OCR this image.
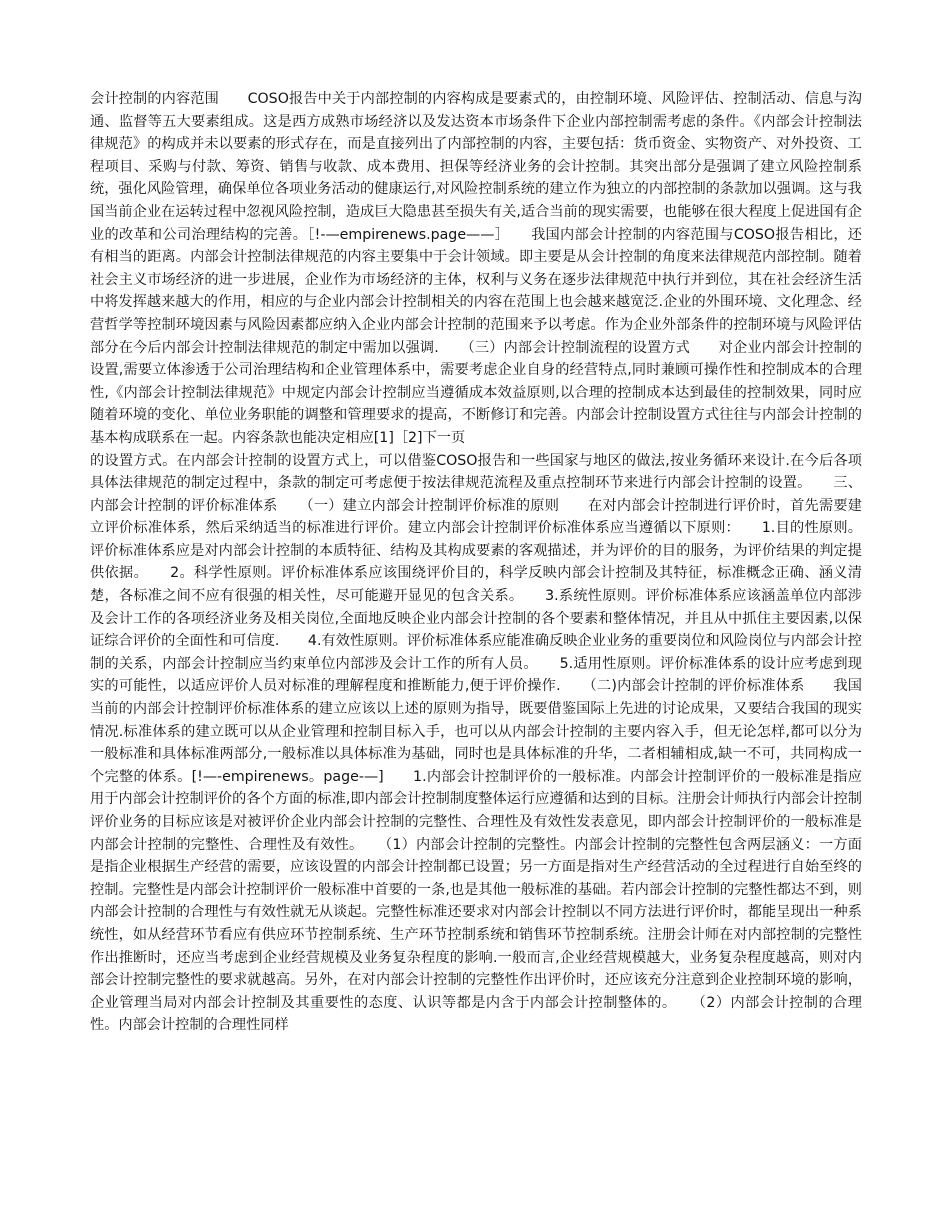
会计控制的内容范围　　COSO报告中关于内部控制的内容构成是要素式的，由控制环境、风险评估、控制活动、信息与沟通、监督等五大要素组成。这是西方成熟市场经济以及发达资本市场条件下企业内部控制需考虑的条件。《内部会计控制法律规范》的构成并未以要素的形式存在，而是直接列出了内部控制的内容，主要包括：货币资金、实物资产、对外投资、工程项目、采购与付款、筹资、销售与收款、成本费用、担保等经济业务的会计控制。其突出部分是强调了建立风险控制系统，强化风险管理，确保单位各项业务活动的健康运行,对风险控制系统的建立作为独立的内部控制的条款加以强调。这与我国当前企业在运转过程中忽视风险控制，造成巨大隐患甚至损失有关,适合当前的现实需要，也能够在很大程度上促进国有企业的改革和公司治理结构的完善。［!-—empirenews.page——］　　我国内部会计控制的内容范围与COSO报告相比，还有相当的距离。内部会计控制法律规范的内容主要集中于会计领域。即主要是从会计控制的角度来法律规范内部控制。随着社会主义市场经济的进一步进展，企业作为市场经济的主体，权利与义务在逐步法律规范中执行并到位，其在社会经济生活中将发挥越来越大的作用，相应的与企业内部会计控制相关的内容在范围上也会越来越宽泛.企业的外围环境、文化理念、经营哲学等控制环境因素与风险因素都应纳入企业内部会计控制的范围来予以考虑。作为企业外部条件的控制环境与风险评估部分在今后内部会计控制法律规范的制定中需加以强调.　　（三）内部会计控制流程的设置方式　　对企业内部会计控制的设置,需要立体渗透于公司治理结构和企业管理体系中，需要考虑企业自身的经营特点,同时兼顾可操作性和控制成本的合理性,《内部会计控制法律规范》中规定内部会计控制应当遵循成本效益原则,以合理的控制成本达到最佳的控制效果，同时应随着环境的变化、单位业务职能的调整和管理要求的提高，不断修订和完善。内部会计控制设置方式往往与内部会计控制的基本构成联系在一起。内容条款也能决定相应[1]［2]下一页

的设置方式。在内部会计控制的设置方式上，可以借鉴COSO报告和一些国家与地区的做法,按业务循环来设计.在今后各项具体法律规范的制定过程中，条款的制定可考虑便于按法律规范流程及重点控制环节来进行内部会计控制的设置。　　三、内部会计控制的评价标准体系　　（一）建立内部会计控制评价标准的原则　　在对内部会计控制进行评价时，首先需要建立评价标准体系，然后采纳适当的标准进行评价。建立内部会计控制评价标准体系应当遵循以下原则：　　1.目的性原则。评价标准体系应是对内部会计控制的本质特征、结构及其构成要素的客观描述，并为评价的目的服务，为评价结果的判定提供依据。　　2。科学性原则。评价标准体系应该围绕评价目的，科学反映内部会计控制及其特征，标准概念正确、涵义清楚，各标准之间不应有很强的相关性，尽可能避开显见的包含关系。　　3.系统性原则。评价标准体系应该涵盖单位内部涉及会计工作的各项经济业务及相关岗位,全面地反映企业内部会计控制的各个要素和整体情况，并且从中抓住主要因素,以保证综合评价的全面性和可信度.　　4.有效性原则。评价标准体系应能准确反映企业业务的重要岗位和风险岗位与内部会计控制的关系，内部会计控制应当约束单位内部涉及会计工作的所有人员。　　5.适用性原则。评价标准体系的设计应考虑到现实的可能性，以适应评价人员对标准的理解程度和推断能力,便于评价操作.　　（二)内部会计控制的评价标准体系　　我国当前的内部会计控制评价标准体系的建立应该以上述的原则为指导，既要借鉴国际上先进的讨论成果，又要结合我国的现实情况.标准体系的建立既可以从企业管理和控制目标入手，也可以从内部会计控制的主要内容入手，但无论怎样,都可以分为一般标准和具体标准两部分,一般标准以具体标准为基础，同时也是具体标准的升华，二者相辅相成,缺一不可，共同构成一个完整的体系。[!—-empirenews。page-—]　　1.内部会计控制评价的一般标准。内部会计控制评价的一般标准是指应用于内部会计控制评价的各个方面的标准,即内部会计控制制度整体运行应遵循和达到的目标。注册会计师执行内部会计控制评价业务的目标应该是对被评价企业内部会计控制的完整性、合理性及有效性发表意见，即内部会计控制评价的一般标准是内部会计控制的完整性、合理性及有效性。　　（1）内部会计控制的完整性。内部会计控制的完整性包含两层涵义：一方面是指企业根据生产经营的需要，应该设置的内部会计控制都已设置；另一方面是指对生产经营活动的全过程进行自始至终的控制。完整性是内部会计控制评价一般标准中首要的一条,也是其他一般标准的基础。若内部会计控制的完整性都达不到，则内部会计控制的合理性与有效性就无从谈起。完整性标准还要求对内部会计控制以不同方法进行评价时，都能呈现出一种系统性，如从经营环节看应有供应环节控制系统、生产环节控制系统和销售环节控制系统。注册会计师在对内部控制的完整性作出推断时，还应当考虑到企业经营规模及业务复杂程度的影响.一般而言,企业经营规模越大，业务复杂程度越高，则对内部会计控制完整性的要求就越高。另外，在对内部会计控制的完整性作出评价时，还应该充分注意到企业控制环境的影响，企业管理当局对内部会计控制及其重要性的态度、认识等都是内含于内部会计控制整体的。　　（2）内部会计控制的合理性。内部会计控制的合理性同样
